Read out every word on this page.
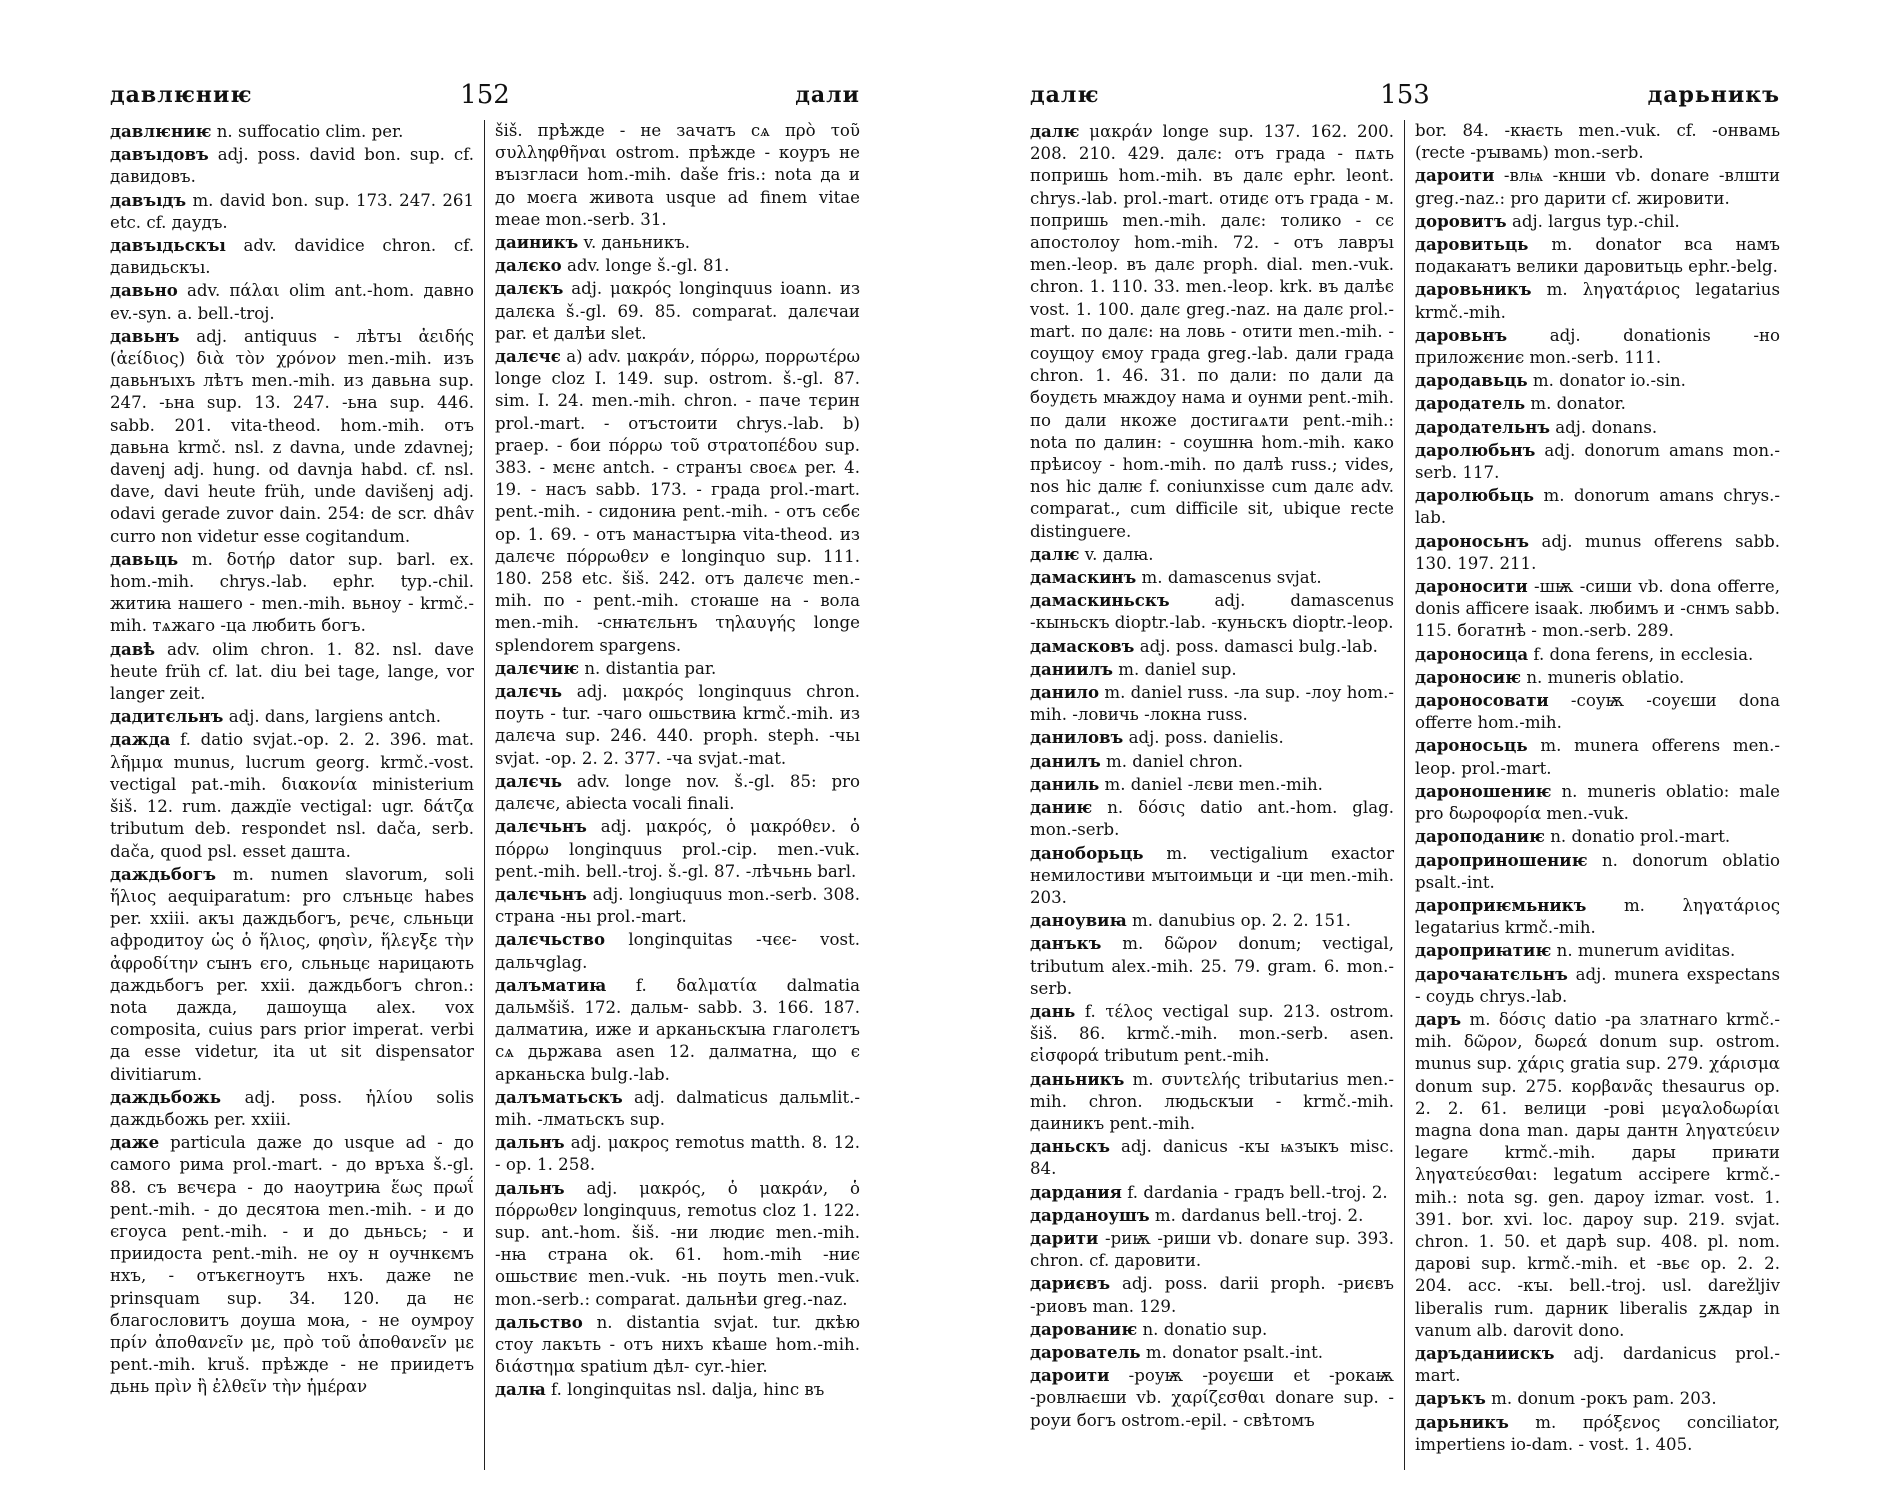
давлѥниѥ	152	дали

давлѥниѥ n. suffocatio clim. per.

давъıдовъ adj. poss. david bon. sup. cf. давидовъ.

давъıдъ m. david bon. sup. 173. 247. 261 etc. cf. даудъ.

давъıдьскъı adv. davidice chron. cf. давидьскъı.

давьно adv. πάλαι olim ant.-hom. давно ev.-syn. a. bell.-troj.

давьнъ adj. antiquus - лѣтъı ἀειδής (ἀείδιος) διὰ τὸν χρόνον men.-mih. изъ давьнъıхъ лѣтъ men.-mih. из давьна sup. 247. -ьна sup. 13. 247. -ьна sup. 446. sabb. 201. vita-theod. hom.-mih. отъ давьна krmč. nsl. z davna, unde zdavnej; davenj adj. hung. od davnja habd. cf. nsl. dave, davi heute früh, unde davišenj adj. odavi gerade zuvor dain. 254: de scr. dhâv curro non videtur esse cogitandum.

давьць m. δοτήρ dator sup. barl. ex. hom.-mih. chrys.-lab. ephr. typ.-chil. житиꙗ нашего - men.-mih. вьноу - krmč.-mih. тѧжаго -ца любить богъ.

давѣ adv. olim chron. 1. 82. nsl. dave heute früh cf. lat. diu bei tage, lange, vor langer zeit.

дадитєльнъ adj. dans, largiens antch.

дажда f. datio svjat.-op. 2. 2. 396. mat. λῆμμα munus, lucrum georg. krmč.-vost. vectigal pat.-mih. διακονία ministerium šiš. 12. rum. даждїе vectigal: ugr. δάτζα tributum deb. respondet nsl. dača, serb. dača, quod psl. esset дашта.

даждьбогъ m. numen slavorum, soli ἥλιος aequiparatum: pro слъньцє habes per. xxiii. акъı даждьбогъ, рєчє, сльньци афродитоу ὡς ὁ ἥλιος, φησὶν, ἥλεγξε τὴν ἀφροδίτην сꙑнъ єго, сльньцє нарицають даждьбогъ per. xxii. даждьбогъ chron.: nota дажда, дашоуща alex. vox composita, cuius pars prior imperat. verbi да esse videtur, ita ut sit dispensator divitiarum.

даждьбожь adj. poss. ἡλίου solis даждьбожь per. xxiii.

даже particula даже до usque ad - до самого рима prol.-mart. - до връха š.-gl. 88. съ вєчєра - до наоутриꙗ ἕως πρωΐ pent.-mih. - до десятоꙗ men.-mih. - и до єгоуса pent.-mih. - и до дьньсь; - и приидоста pent.-mih. не оу н оучнкємъ нхъ, - отъкєгноутъ нхъ. даже ne prinsquam sup. 34. 120. да нє благословитъ доуша моꙗ, - не оумроу πρίν ἀποθανεῖν με, πρὸ τοῦ ἀποθανεῖν με pent.-mih. kruš. прѣжде - не приидетъ дьнь πρὶν ἢ ἐλθεῖν τὴν ἡμέραν

šiš. прѣжде - не зачатъ сѧ πρὸ τοῦ συλληφθῆναι ostrom. прѣжде - коуръ не въıзгласи hom.-mih. daše fris.: nota да и до моєга живота usque ad finem vitae meae mon.-serb. 31.

даиникъ v. даньникъ.

далєко adv. longe š.-gl. 81.

далєкъ adj. μακρός longinquus ioann. из далєка š.-gl. 69. 85. comparat. далєчаи par. et далѣи slet.

далєчє a) adv. μακράν, πόρρω, πορρωτέρω longe cloz I. 149. sup. ostrom. š.-gl. 87. sim. I. 24. men.-mih. chron. - паче тєрин prol.-mart. - отъстоити chrys.-lab. b) praep. - бои πόρρω τοῦ στρατοπέδου sup. 383. - мєнє antch. - странъı своєѧ per. 4. 19. - насъ sabb. 173. - града prol.-mart. pent.-mih. - сидониꙗ pent.-mih. - отъ сєбє op. 1. 69. - отъ манастъıрꙗ vita-theod. из далєчє πόρρωθεν e longinquo sup. 111. 180. 258 etc. šiš. 242. отъ далєчє men.-mih. по - pent.-mih. стоꙗше на - вола men.-mih. -снꙗтєльнъ τηλαυγής longe splendorem spargens.

далєчиѥ n. distantia par.

далєчь adj. μακρός longinquus chron. поуть - tur. -чаго ошьствиꙗ krmč.-mih. из далєча sup. 246. 440. proph. steph. -чьı svjat. -op. 2. 2. 377. -ча svjat.-mat.

далєчь adv. longe nov. š.-gl. 85: pro далєчє, abiecta vocali finali.

далєчьнъ adj. μακρός, ὁ μακρόθεν. ὁ πόρρω longinquus prol.-cip. men.-vuk. pent.-mih. bell.-troj. š.-gl. 87. -лѣчьнь barl.

далєчьнъ adj. longiuquus mon.-serb. 308. страна -ньı prol.-mart.

далєчьство longinquitas -чєє- vost. дальчglag.

далъматиꙗ f. δαλματία dalmatia дальмšiš. 172. дальм- sabb. 3. 166. 187. далматиꙗ, иже и арканьскꙑꙗ глаголєтъ сѧ дьржава asen 12. далматна, що є арканьска bulg.-lab.

далъматьскъ adj. dalmaticus дальмlit.-mih. -лматьскъ sup.

дальнъ adj. μακρος remotus matth. 8. 12. - op. 1. 258.

дальнъ adj. μακρός, ὁ μακράν, ὁ πόρρωθεν longinquus, remotus cloz 1. 122. sup. ant.-hom. šiš. -ни людиє men.-mih. -нꙗ страна ok. 61. hom.-mih -ниє ошьствиє men.-vuk. -нь поуть men.-vuk. mon.-serb.: comparat. дальнѣи greg.-naz.

дальство n. distantia svjat. tur. дкѣю стоу лакъть - отъ нихъ кѣаше hom.-mih. διάστημα spatium дѣл- cyr.-hier.

далꙗ f. longinquitas nsl. dalja, hinc въ

далѥ	153	дарьникъ

далѥ μακράν longe sup. 137. 162. 200. 208. 210. 429. далє: отъ града - пѧть попришь hom.-mih. въ далє ephr. leont. chrys.-lab. prol.-mart. отидє отъ града - м. попришь men.-mih. далє: толико - сє апостолоу hom.-mih. 72. - отъ лавръı men.-leop. въ далє proph. dial. men.-vuk. chron. 1. 110. 33. men.-leop. krk. въ далѣє vost. 1. 100. далє greg.-naz. на далє prol.-mart. по далє: на ловь - отити men.-mih. - соущоу ємоу града greg.-lab. дали града chron. 1. 46. 31. по дали: по дали да боудєть мꙗждоу нама и оунми pent.-mih. по дали нкоже достигаѧти pent.-mih.: nota по далин: - соушнꙗ hom.-mih. како прѣисоу - hom.-mih. по далѣ russ.; vides, nos hic далѥ f. coniunxisse cum далє adv. comparat., cum difficile sit, ubique recte distinguere.

далѥ v. далꙗ.

дамаскинъ m. damascenus svjat.

дамаскиньскъ	adj. damascenus -кыньскъ dioptr.-lab. -кyньскъ dioptr.-leop.

дамасковъ adj. poss. damasci bulg.-lab.

даниилъ m. daniel sup.

данило m. daniel russ. -ла sup. -лоу hom.-mih. -ловичь -локна russ.

даниловъ adj. poss. danielis.

данилъ m. daniel chron.

даниль m. daniel -лєви men.-mih.

даниѥ n. δόσις datio ant.-hom. glag. mon.-serb.

даноборьць m. vectigalium exactor немилостиви мꙑтоимьци и -ци men.-mih. 203.

даноувиꙗ m. danubius op. 2. 2. 151.

данъкъ m. δῶρον donum; vectigal, tributum alex.-mih. 25. 79. gram. 6. mon.-serb.

дань f. τέλος vectigal sup. 213. ostrom. šiš. 86. krmč.-mih. mon.-serb. asen. εἰσφορά tributum pent.-mih.

даньникъ m. συντελής tributarius men.-mih. chron. людьскꙑи - krmč.-mih. даиникъ pent.-mih.

даньскъ adj. danicus -кꙑ ѩзꙑкъ misc. 84.

дардания f. dardania - градъ bell.-troj. 2.

дарданоушъ m. dardanus bell.-troj. 2.

дарити -риѭ -риши vb. donare sup. 393. chron. cf. даровити.

дариєвъ adj. poss. darii proph. -риєвъ -риовъ man. 129.

дарованиѥ n. donatio sup.

дарователь m. donator psalt.-int.

дароити -роуѭ -роуєши et -рокаѭ -ровлꙗєши vb. χαρίζεσθαι donare sup. - роуи богъ ostrom.-epil. - свѣтомъ

bor. 84. -кꙗєть men.-vuk. cf. -онвамь (recte -рꙑвамь) mon.-serb.

дароити -влѩ -кнши vb. donare -влшти greg.-naz.: pro дарити cf. жировити.

доровитъ adj. largus typ.-chil.

даровитьць m. donator вса намъ подакаꙗтъ велики даровитьць ephr.-belg.

даровьникъ m. ληγατάριος legatarius krmč.-mih.

даровьнъ	adj. donationis -но приложєниє mon.-serb. 111.

дародавьць m. donator io.-sin.

дародатель m. donator.

дародательнъ adj. donans.

даролюбьнъ adj. donorum amans mon.-serb. 117.

даролюбьць m. donorum amans chrys.-lab.

дароносьнъ adj. munus offerens sabb. 130. 197. 211.

дароносити -шѭ -сиши vb. dona offerre, donis afficere isaak. любимъ и -снмъ sabb. 115. богатнѣ - mon.-serb. 289.

дароносица f. dona ferens, in ecclesia.

дароносиѥ n. muneris oblatio.

дароносовати -соуѭ -соуєши dona offerre hom.-mih.

дароносьць m. munera offerens men.-leop. prol.-mart.

дароношениѥ n. muneris oblatio: male pro δωροφορία men.-vuk.

дароподаниѥ n. donatio prol.-mart.

дароприношениѥ n. donorum oblatio psalt.-int.

дароприѥмьникъ m. ληγατάριος legatarius krmč.-mih.

дароприꙗтиѥ n. munerum aviditas.

дарочаꙗтєльнъ adj. munera exspectans - соудь chrys.-lab.

даръ m. δόσις datio -ра златнаго krmč.-mih. δῶρον, δωρεά donum sup. ostrom. munus sup. χάρις gratia sup. 279. χάρισμα donum sup. 275. κορβανᾶς thesaurus op. 2. 2. 61. велици -рові μεγαλοδωρίαι magna dona man. дары дантн ληγατεύειν legare krmč.-mih. дары приꙗти ληγατεύεσθαι: legatum accipere krmč.-mih.: nota sg. gen. дароу izmar. vost. 1. 391. bor. xvi. loc. дароу sup. 219. svjat. chron. 1. 50. et дарѣ sup. 408. pl. nom. дарові sup. krmč.-mih. et -вьє op. 2. 2. 204. acc. -кꙑ. bell.-troj. usl. darežljiv liberalis rum. дарник liberalis ꙁѫдар in vanum alb. darovit dono.

даръданиискъ adj. dardanicus prol.-mart.

даръкъ m. donum -рокъ pam. 203.

дарьникъ m. πρόξενος conciliator, impertiens io-dam. - vost. 1. 405.
